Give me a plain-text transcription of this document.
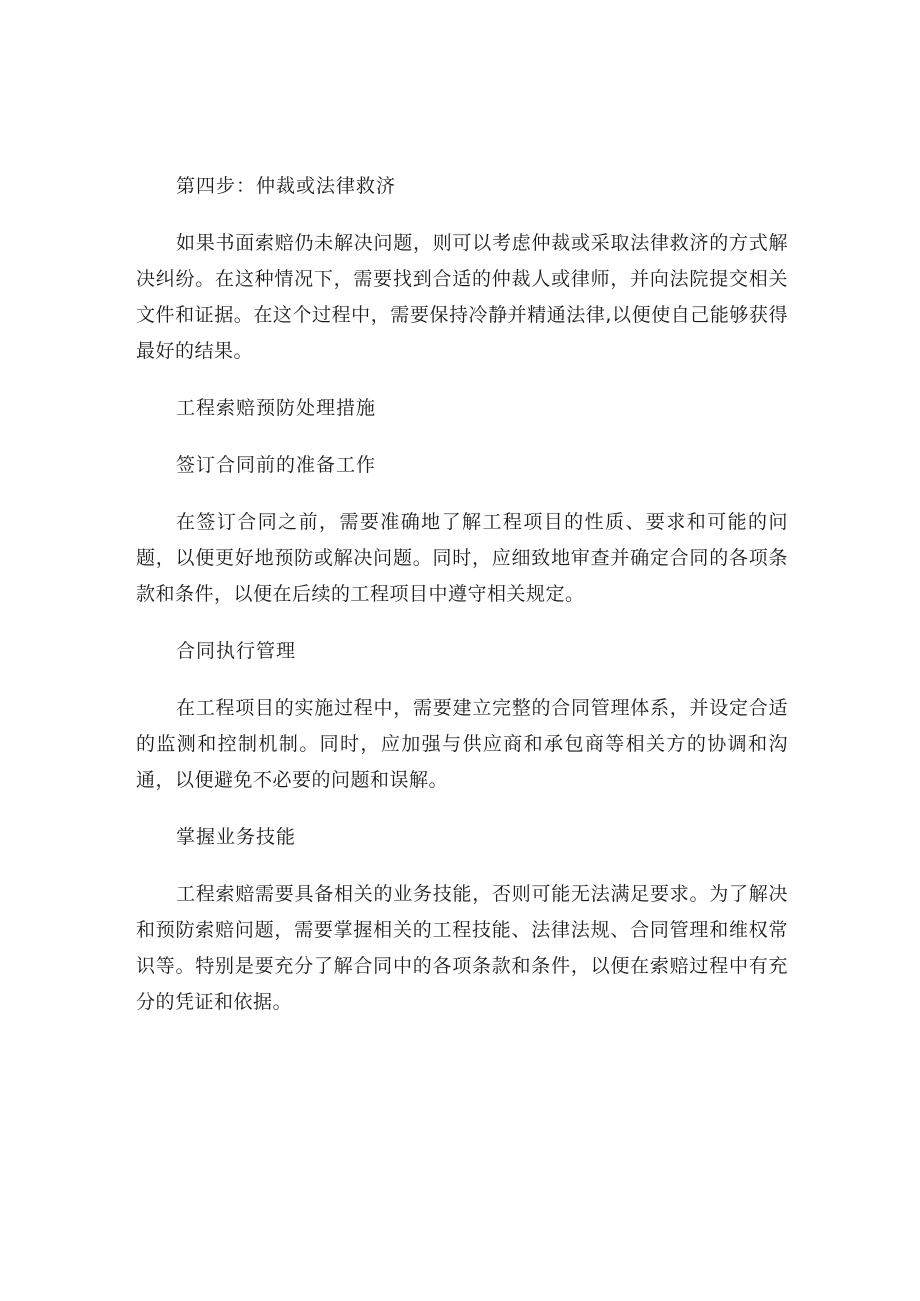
第四步：仲裁或法律救济
如果书面索赔仍未解决问题，则可以考虑仲裁或采取法律救济的方式解决纠纷。在这种情况下，需要找到合适的仲裁人或律师，并向法院提交相关文件和证据。在这个过程中，需要保持冷静并精通法律,以便使自己能够获得最好的结果。
工程索赔预防处理措施
签订合同前的准备工作
在签订合同之前，需要准确地了解工程项目的性质、要求和可能的问题，以便更好地预防或解决问题。同时，应细致地审查并确定合同的各项条款和条件，以便在后续的工程项目中遵守相关规定。
合同执行管理
在工程项目的实施过程中，需要建立完整的合同管理体系，并设定合适的监测和控制机制。同时，应加强与供应商和承包商等相关方的协调和沟通，以便避免不必要的问题和误解。
掌握业务技能
工程索赔需要具备相关的业务技能，否则可能无法满足要求。为了解决和预防索赔问题，需要掌握相关的工程技能、法律法规、合同管理和维权常识等。特别是要充分了解合同中的各项条款和条件，以便在索赔过程中有充分的凭证和依据。
